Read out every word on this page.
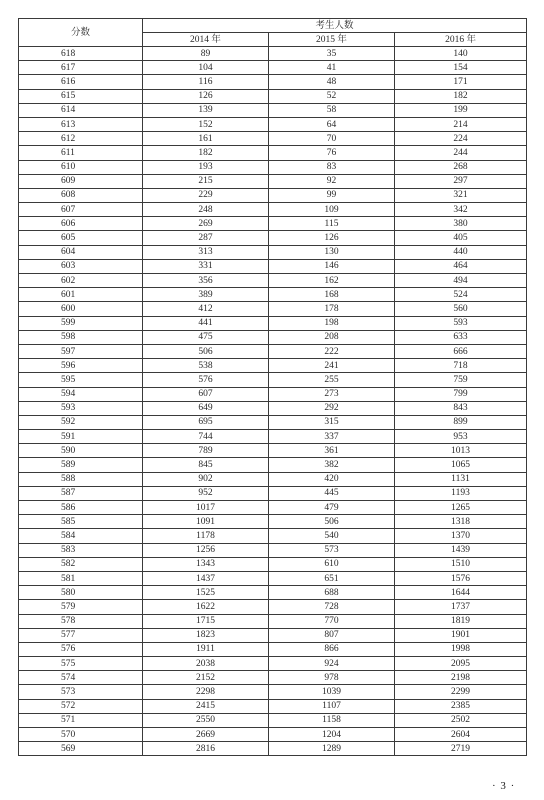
分数	考生人数		
	2014 年	2015 年	2016 年
618	89	35	140
617	104	41	154
616	116	48	171
615	126	52	182
614	139	58	199
613	152	64	214
612	161	70	224
611	182	76	244
610	193	83	268
609	215	92	297
608	229	99	321
607	248	109	342
606	269	115	380
605	287	126	405
604	313	130	440
603	331	146	464
602	356	162	494
601	389	168	524
600	412	178	560
599	441	198	593
598	475	208	633
597	506	222	666
596	538	241	718
595	576	255	759
594	607	273	799
593	649	292	843
592	695	315	899
591	744	337	953
590	789	361	1013
589	845	382	1065
588	902	420	1131
587	952	445	1193
586	1017	479	1265
585	1091	506	1318
584	1178	540	1370
583	1256	573	1439
582	1343	610	1510
581	1437	651	1576
580	1525	688	1644
579	1622	728	1737
578	1715	770	1819
577	1823	807	1901
576	1911	866	1998
575	2038	924	2095
574	2152	978	2198
573	2298	1039	2299
572	2415	1107	2385
571	2550	1158	2502
570	2669	1204	2604
569	2816	1289	2719
· 3 ·
